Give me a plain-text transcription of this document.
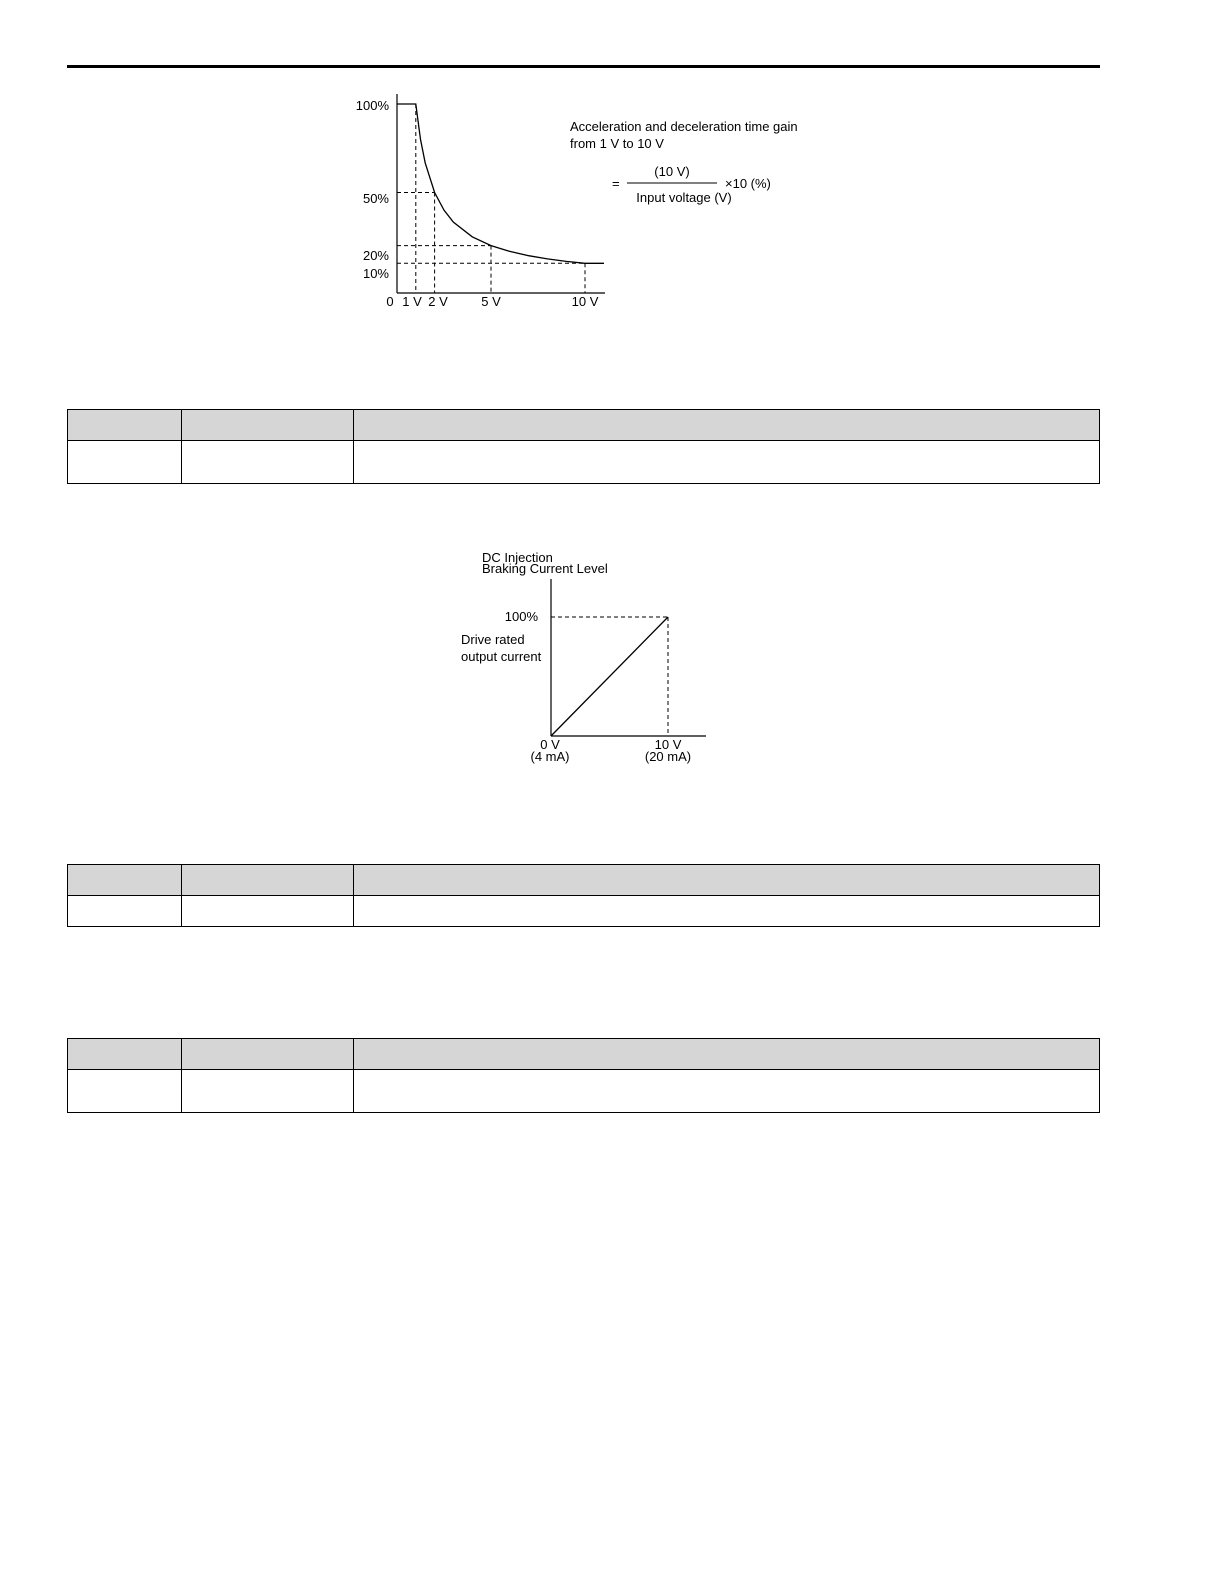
100%
50%
20%
10%
0 1 V 2 V	5 V	10 V
Acceleration and deceleration time gain
from 1 V to 10 V
=
(10 V)
Input voltage (V)
×10 (%)

DC Injection
Braking Current Level
100%
Drive rated
output current
0 V
(4 mA)
10 V
(20 mA)
